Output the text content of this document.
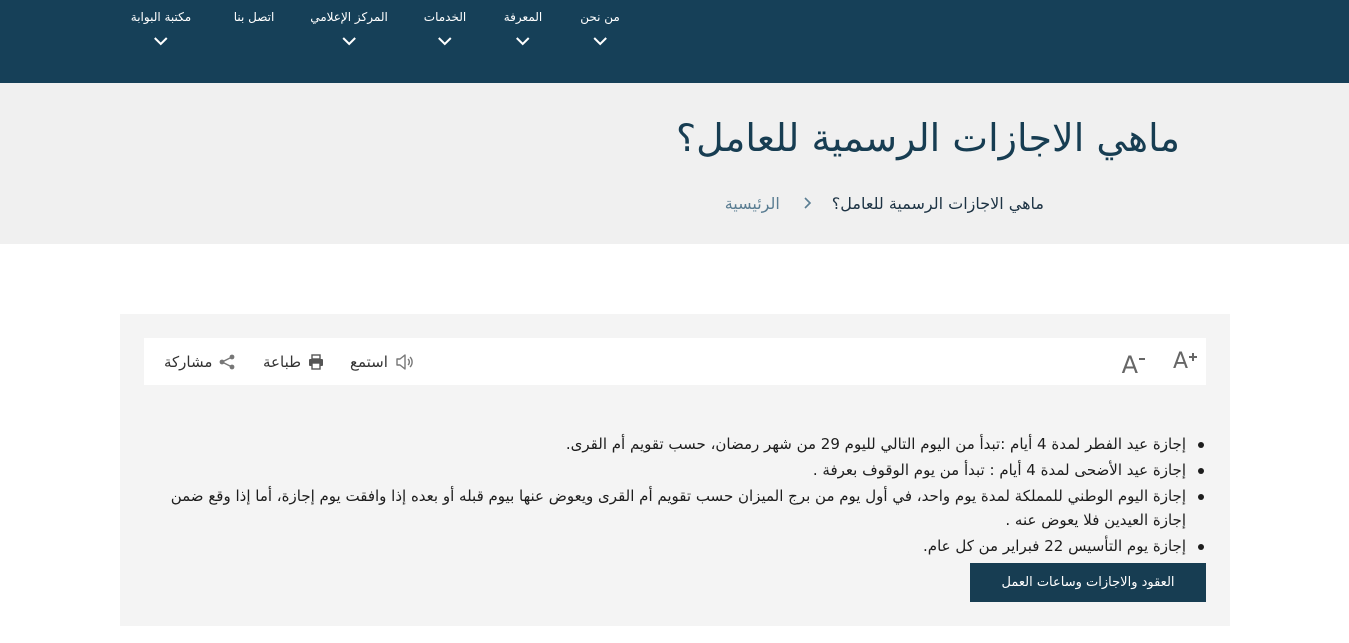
من نحن
المعرفة
الخدمات
المركز الإعلامي
اتصل بنا
مكتبة البوابة
ماهي الاجازات الرسمية للعامل؟
الرئيسية	ماهي الاجازات الرسمية للعامل؟
A
A
استمع
طباعة
مشاركة
إجازة عيد الفطر لمدة 4 أيام :تبدأ من اليوم التالي لليوم 29 من شهر رمضان، حسب تقويم أم القرى.
إجازة عيد الأضحى لمدة 4 أيام : تبدأ من يوم الوقوف بعرفة .
إجازة اليوم الوطني للمملكة لمدة يوم واحد، في أول يوم من برج الميزان حسب تقويم أم القرى ويعوض عنها بيوم قبله أو بعده إذا وافقت يوم إجازة، أما إذا وقع ضمن إجازة العيدين فلا يعوض عنه .
إجازة يوم التأسيس 22 فبراير من كل عام.
العقود والاجازات وساعات العمل
